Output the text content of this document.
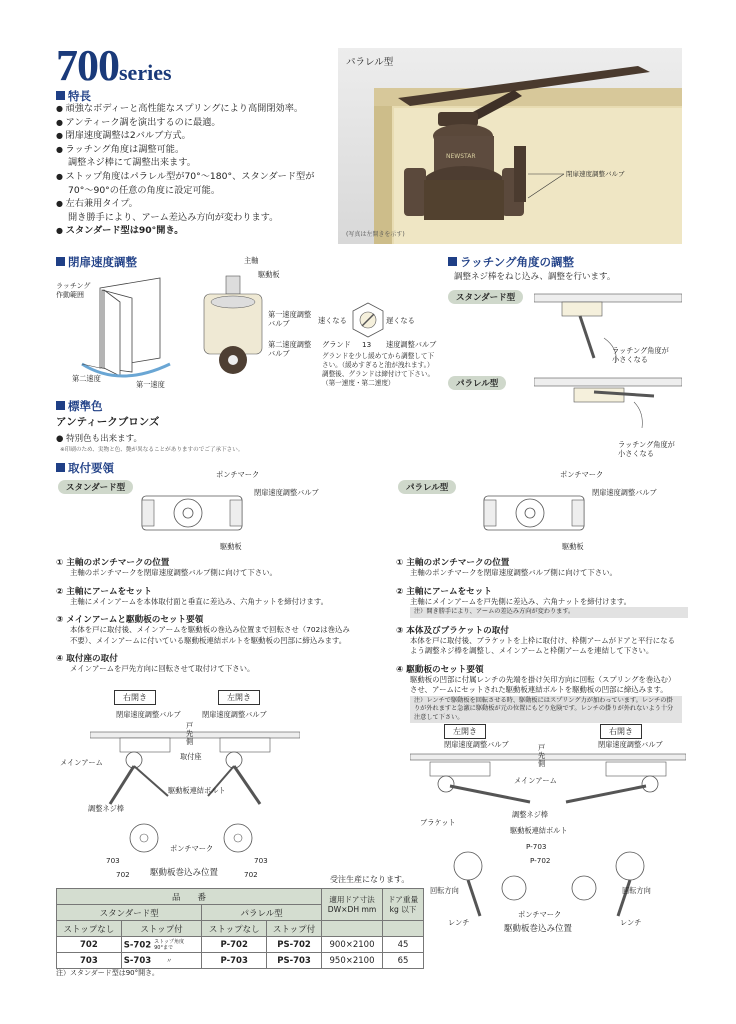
700series
特長
● 頑強なボディーと高性能なスプリングにより高開閉効率。
● アンティーク調を演出するのに最適。
● 閉扉速度調整は2バルブ方式。
● ラッチング角度は調整可能。
調整ネジ棒にて調整出来ます。
● ストップ角度はパラレル型が70°～180°、スタンダード型が
70°～90°の任意の角度に設定可能。
● 左右兼用タイプ。
開き勝手により、アーム差込み方向が変わります。
● スタンダード型は90°開き。
NEWSTAR
パラレル型
閉扉速度調整バルブ
(写真は左開きを示す)
閉扉速度調整
ラッチング作動範囲
第二速度
第一速度
主軸
駆動板
第一速度調整バルブ
第二速度調整バルブ
速くなる	遅くなる
グランド 13 速度調整バルブ
グランドを少し緩めてから調整して下さい。（緩めすぎると油が洩れます。）調整後、グランドは締付けて下さい。（第一速度・第二速度）
ラッチング角度の調整
調整ネジ棒をねじ込み、調整を行います。
スタンダード型
ラッチング角度が小さくなる
パラレル型
ラッチング角度が小さくなる
標準色
アンティークブロンズ
● 特別色も出来ます。
※印刷のため、実物と色、艶が異なることがありますのでご了承下さい。
取付要領
スタンダード型
ポンチマーク
閉扉速度調整バルブ
駆動板
パラレル型
ポンチマーク
閉扉速度調整バルブ
駆動板
① 主軸のポンチマークの位置
主軸のポンチマークを閉扉速度調整バルブ側に向けて下さい。
② 主軸にアームをセット
主軸にメインアームを本体取付面と垂直に差込み、六角ナットを締付けます。
③ メインアームと駆動板のセット要領
本体を戸に取付後、メインアームを駆動板の巻込み位置まで回転させ（702は巻込み不要）、メインアームに付いている駆動板連結ボルトを駆動板の凹部に締込みます。
④ 取付座の取付
メインアームを戸先方向に回転させて取付けて下さい。
① 主軸のポンチマークの位置
主軸のポンチマークを閉扉速度調整バルブ側に向けて下さい。
② 主軸にアームをセット
主軸にメインアームを戸先側に差込み、六角ナットを締付けます。
注）開き勝手により、アームの差込み方向が変わります。
③ 本体及びブラケットの取付
本体を戸に取付後、ブラケットを上枠に取付け、枠側アームがドアと平行になるよう調整ネジ棒を調整し、メインアームと枠側アームを連結して下さい。
④ 駆動板のセット要領
駆動板の凹部に付属レンチの先端を掛け矢印方向に回転（スプリングを巻込む）させ、アームにセットされた駆動板連結ボルトを駆動板の凹部に締込みます。
注）レンチで駆動板を回転させる時、駆動板にはスプリング力が加わっています。レンチの掛りが外れますと急激に駆動板が元の位置にもどり危険です。レンチの掛りが外れないよう十分注意して下さい。
右開き	左開き
閉扉速度調整バルブ	閉扉速度調整バルブ
戸先側
メインアーム
取付座
駆動板連結ボルト
調整ネジ棒
ポンチマーク
703	703
駆動板巻込み位置
702	702
左開き	右開き
閉扉速度調整バルブ	閉扉速度調整バルブ
戸先側
メインアーム
調整ネジ棒
ブラケット
駆動板連結ボルト
P-703
P-702
回転方向	回転方向
ポンチマーク
レンチ	レンチ
駆動板巻込み位置
受注生産になります。
品　　番				適用ドア寸法DW×DH mm	ドア重量 kg 以下
スタンダード型		パラレル型			
ストップなし	ストップ付	ストップなし	ストップ付		
702	S-702 ストップ角度90°まで	P-702	PS-702	900×2100	45
703	S-703 〃	P-703	PS-703	950×2100	65
注）スタンダード型は90°開き。
